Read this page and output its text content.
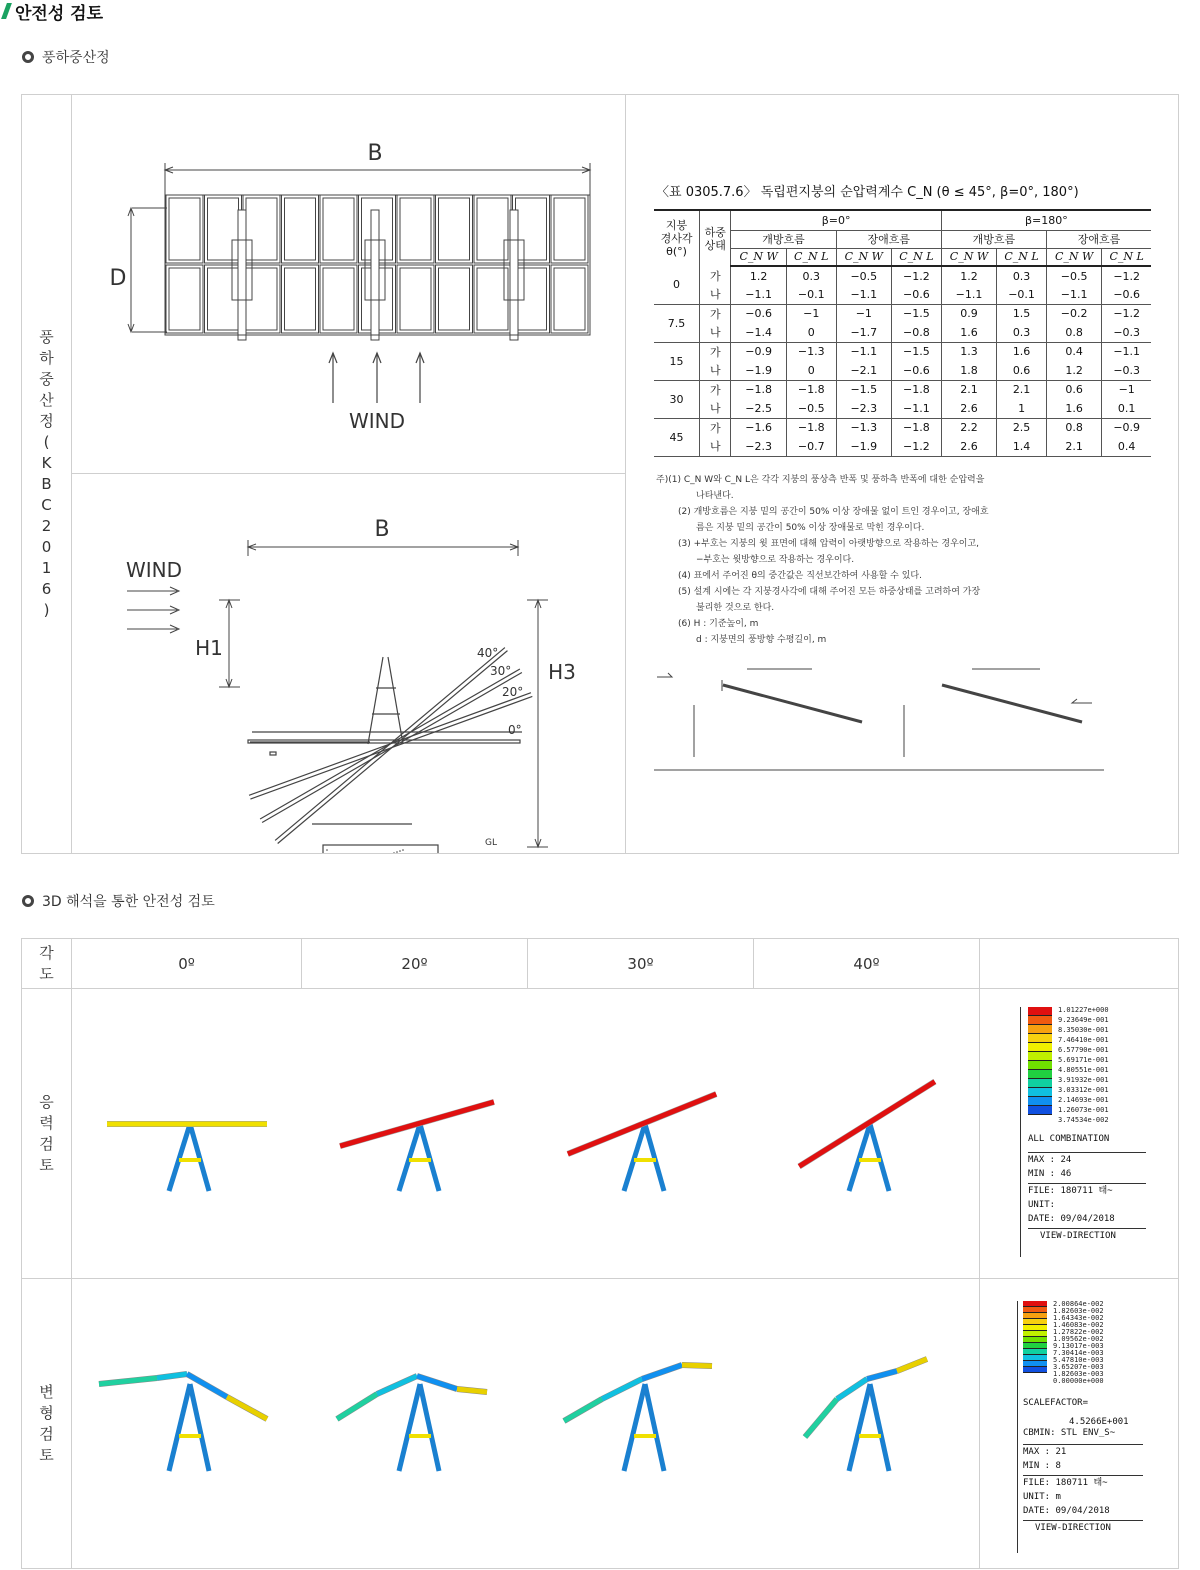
안전성 검토
풍하중산정
풍
하
중
산
정
(
K
B
C
2
0
1
6
)
B
D
WIND
40°
30°
20°
0°
GL
B
WIND
H1
H3
〈표 0305.7.6〉 독립편지붕의 순압력계수 C_N (θ ≤ 45°, β=0°, 180°)
지붕
경사각
θ(°)	하중
상태	β=0°				β=180°			
		개방흐름		장애흐름		개방흐름		장애흐름	
		C_N W	C_N L	C_N W	C_N L	C_N W	C_N L	C_N W	C_N L
0	가	1.2	0.3	−0.5	−1.2	1.2	0.3	−0.5	−1.2
	나	−1.1	−0.1	−1.1	−0.6	−1.1	−0.1	−1.1	−0.6
7.5	가	−0.6	−1	−1	−1.5	0.9	1.5	−0.2	−1.2
	나	−1.4	0	−1.7	−0.8	1.6	0.3	0.8	−0.3
15	가	−0.9	−1.3	−1.1	−1.5	1.3	1.6	0.4	−1.1
	나	−1.9	0	−2.1	−0.6	1.8	0.6	1.2	−0.3
30	가	−1.8	−1.8	−1.5	−1.8	2.1	2.1	0.6	−1
	나	−2.5	−0.5	−2.3	−1.1	2.6	1	1.6	0.1
45	가	−1.6	−1.8	−1.3	−1.8	2.2	2.5	0.8	−0.9
	나	−2.3	−0.7	−1.9	−1.2	2.6	1.4	2.1	0.4
주)(1) C_N W와 C_N L은 각각 지붕의 풍상측 반폭 및 풍하측 반폭에 대한 순압력을
나타낸다.
(2) 개방흐름은 지붕 밑의 공간이 50% 이상 장애물 없이 트인 경우이고, 장애흐
름은 지붕 밑의 공간이 50% 이상 장애물로 막힌 경우이다.
(3) +부호는 지붕의 윗 표면에 대해 압력이 아랫방향으로 작용하는 경우이고,
−부호는 윗방향으로 작용하는 경우이다.
(4) 표에서 주어진 θ의 중간값은 직선보간하여 사용할 수 있다.
(5) 설계 시에는 각 지붕경사각에 대해 주어진 모든 하중상태를 고려하여 가장
불리한 것으로 한다.
(6) H : 기준높이, m
d : 지붕면의 풍방향 수평길이, m
3D 해석을 통한 안전성 검토
각
도
0º	20º	30º	40º
응
력
검
토
변
형
검
토
1.01227e+000
9.23649e-001
8.35030e-001
7.46410e-001
6.57790e-001
5.69171e-001
4.80551e-001
3.91932e-001
3.03312e-001
2.14693e-001
1.26073e-001
3.74534e-002
ALL COMBINATION
MAX : 24
MIN : 46
FILE: 180711 태~
UNIT:
DATE: 09/04/2018
VIEW-DIRECTION
2.00864e-002
1.82603e-002
1.64343e-002
1.46083e-002
1.27822e-002
1.09562e-002
9.13017e-003
7.30414e-003
5.47810e-003
3.65207e-003
1.82603e-003
0.00000e+000
SCALEFACTOR=
4.5266E+001
CBMIN: STL ENV_S~
MAX : 21
MIN : 8
FILE: 180711 태~
UNIT: m
DATE: 09/04/2018
VIEW-DIRECTION
